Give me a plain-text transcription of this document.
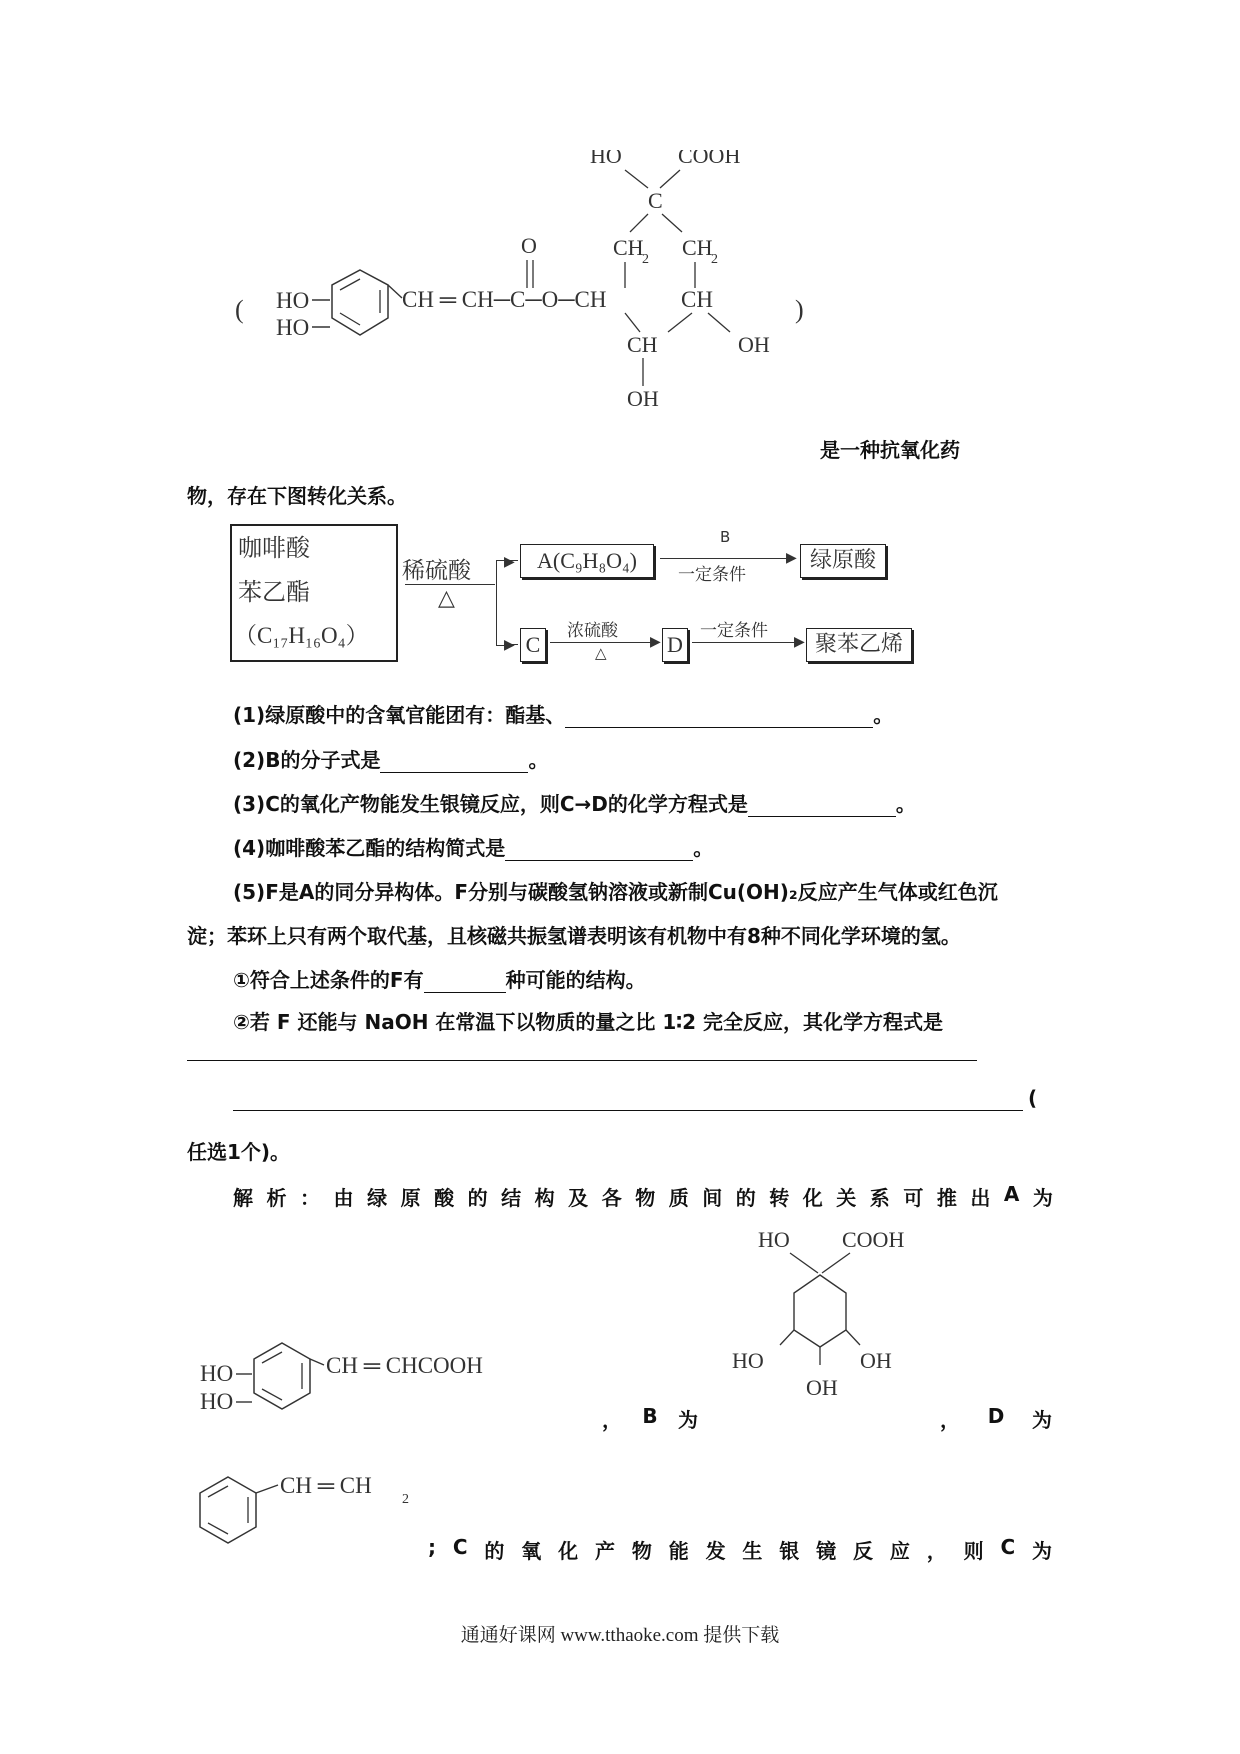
(	)
HO
HO
CH ═ CH─C─O─CH
O
HO	COOH
C
CH
2 CH
2
CH
CH	OH
OH
是一种抗氧化药
物，存在下图转化关系。
咖啡酸
苯乙酯
（C₁₇H₁₆O₄）
稀硫酸
△
▶
▶
A(C₉H₈O₄)
B
▶
一定条件
绿原酸
C
浓硫酸
▶
△	D
一定条件
▶ 聚苯乙烯
(1)绿原酸中的含氧官能团有：酯基、	。
(2)B的分子式是	。
(3)C的氧化产物能发生银镜反应，则C→D的化学方程式是	。
(4)咖啡酸苯乙酯的结构简式是	。
(5)F是A的同分异构体。F分别与碳酸氢钠溶液或新制Cu(OH)₂反应产生气体或红色沉
淀；苯环上只有两个取代基，且核磁共振氢谱表明该有机物中有8种不同化学环境的氢。
①符合上述条件的F有	种可能的结构。
②若 F 还能与 NaOH 在常温下以物质的量之比 1∶2 完全反应，其化学方程式是
(
任选1个)。
解 析 ： 由 绿 原 酸 的 结 构 及 各 物 质 间 的 转 化 关 系 可 推 出 A 为
HO
HO
CH ═ CHCOOH
HO COOH
HO	OH
OH
， B 为	， D 为
CH ═ CH
2
; C 的 氧 化 产 物 能 发 生 银 镜 反 应 ， 则 C 为
通通好课网 www.tthaoke.com 提供下载
